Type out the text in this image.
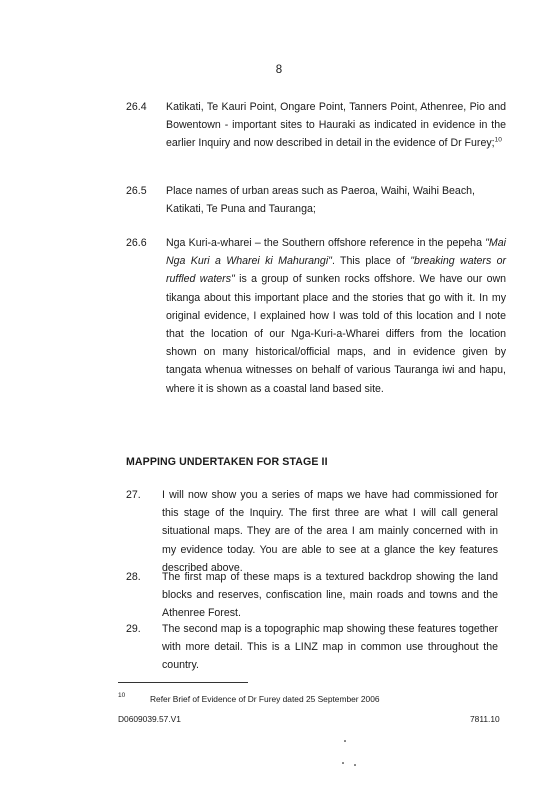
8
26.4 Katikati, Te Kauri Point, Ongare Point, Tanners Point, Athenree, Pio and Bowentown - important sites to Hauraki as indicated in evidence in the earlier Inquiry and now described in detail in the evidence of Dr Furey;$^{10}$
26.5 Place names of urban areas such as Paeroa, Waihi, Waihi Beach, Katikati, Te Puna and Tauranga;
26.6 Nga Kuri-a-wharei – the Southern offshore reference in the pepeha "Mai Nga Kuri a Wharei ki Mahurangi". This place of "breaking waters or ruffled waters" is a group of sunken rocks offshore. We have our own tikanga about this important place and the stories that go with it. In my original evidence, I explained how I was told of this location and I note that the location of our Nga-Kuri-a-Wharei differs from the location shown on many historical/official maps, and in evidence given by tangata whenua witnesses on behalf of various Tauranga iwi and hapu, where it is shown as a coastal land based site.
MAPPING UNDERTAKEN FOR STAGE II
27. I will now show you a series of maps we have had commissioned for this stage of the Inquiry. The first three are what I will call general situational maps. They are of the area I am mainly concerned with in my evidence today. You are able to see at a glance the key features described above.
28. The first map of these maps is a textured backdrop showing the land blocks and reserves, confiscation line, main roads and towns and the Athenree Forest.
29. The second map is a topographic map showing these features together with more detail. This is a LINZ map in common use throughout the country.
10	Refer Brief of Evidence of Dr Furey dated 25 September 2006
D0609039.57.V1	7811.10
